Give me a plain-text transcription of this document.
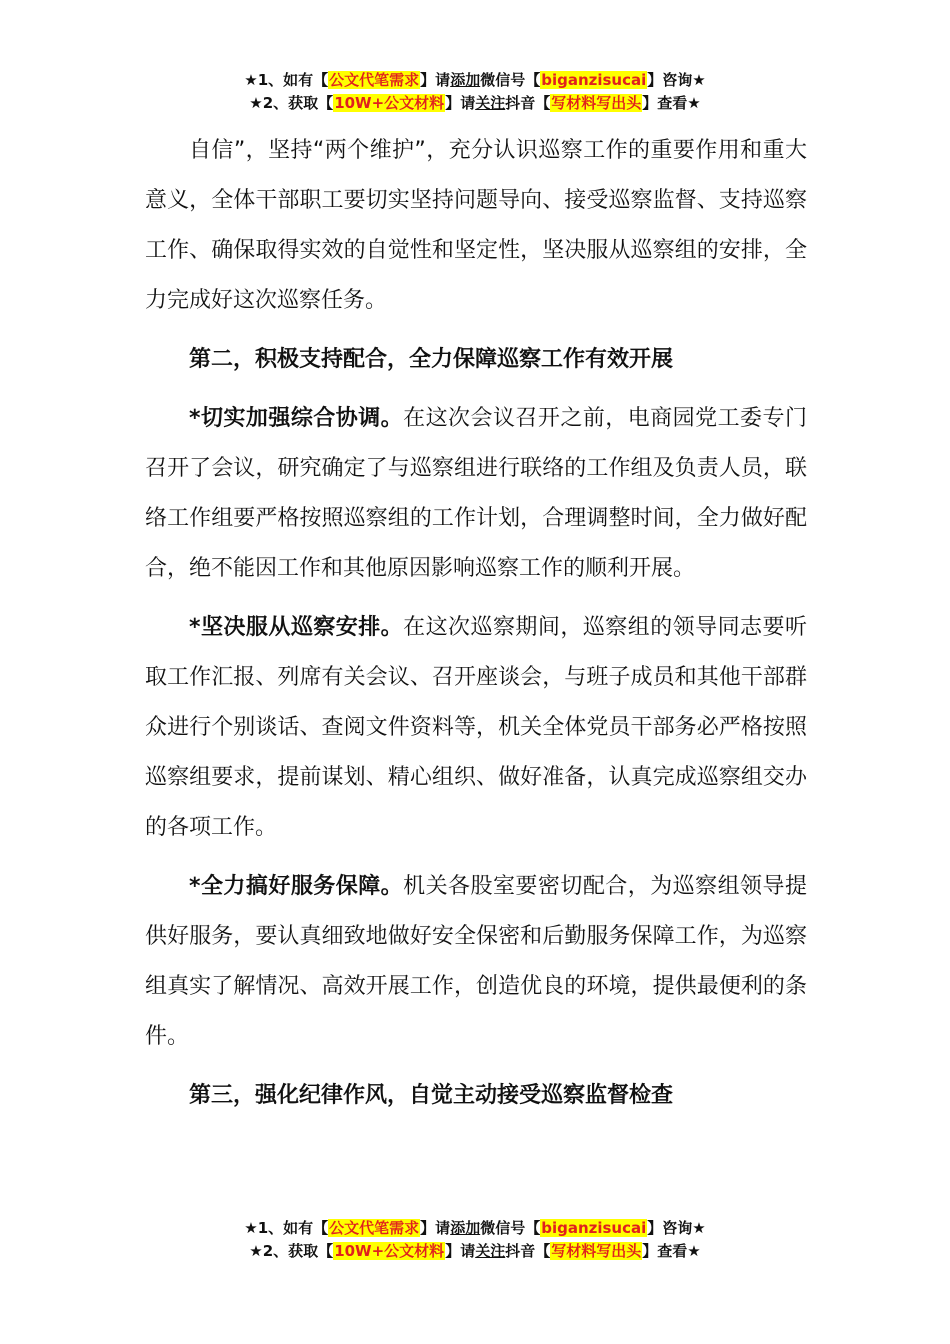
★1、如有【公文代笔需求】请添加微信号【biganzisucai】咨询★
★2、获取【10W+公文材料】请关注抖音【写材料写出头】查看★

自信”，坚持“两个维护”，充分认识巡察工作的重要作用和重大意义，全体干部职工要切实坚持问题导向、接受巡察监督、支持巡察工作、确保取得实效的自觉性和坚定性，坚决服从巡察组的安排，全力完成好这次巡察任务。

第二，积极支持配合，全力保障巡察工作有效开展

*切实加强综合协调。在这次会议召开之前，电商园党工委专门召开了会议，研究确定了与巡察组进行联络的工作组及负责人员，联络工作组要严格按照巡察组的工作计划，合理调整时间，全力做好配合，绝不能因工作和其他原因影响巡察工作的顺利开展。

*坚决服从巡察安排。在这次巡察期间，巡察组的领导同志要听取工作汇报、列席有关会议、召开座谈会，与班子成员和其他干部群众进行个别谈话、查阅文件资料等，机关全体党员干部务必严格按照巡察组要求，提前谋划、精心组织、做好准备，认真完成巡察组交办的各项工作。

*全力搞好服务保障。机关各股室要密切配合，为巡察组领导提供好服务，要认真细致地做好安全保密和后勤服务保障工作，为巡察组真实了解情况、高效开展工作，创造优良的环境，提供最便利的条件。

第三，强化纪律作风，自觉主动接受巡察监督检查

★1、如有【公文代笔需求】请添加微信号【biganzisucai】咨询★
★2、获取【10W+公文材料】请关注抖音【写材料写出头】查看★
